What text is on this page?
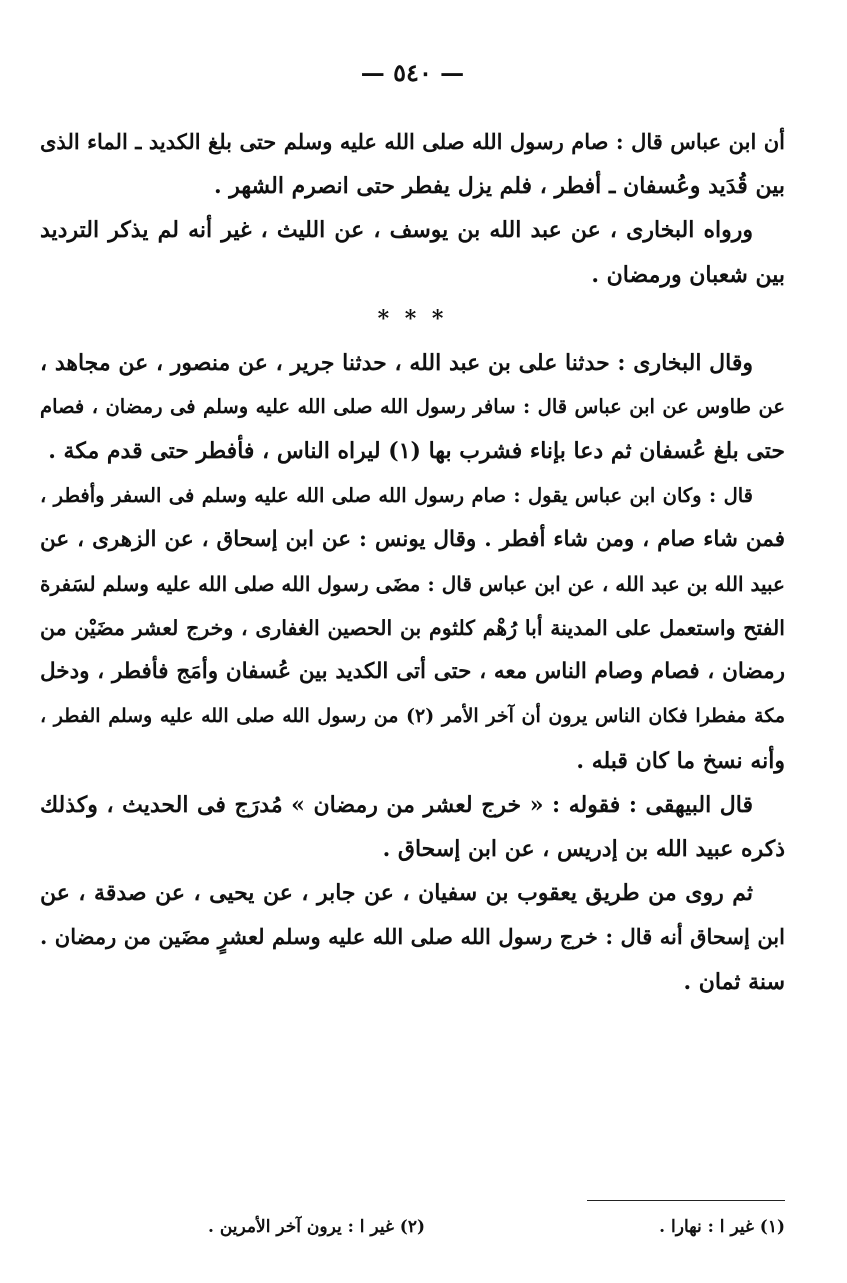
— ٥٤٠ —
أن ابن عباس قال : صام رسول الله صلى الله عليه وسلم حتى بلغ الكديد ـ الماء الذى
بين قُدَيد وعُسفان ـ أفطر ، فلم يزل يفطر حتى انصرم الشهر .
ورواه البخارى ، عن عبد الله بن يوسف ، عن الليث ، غير أنه لم يذكر الترديد
بين شعبان ورمضان .
* * *
وقال البخارى : حدثنا على بن عبد الله ، حدثنا جرير ، عن منصور ، عن مجاهد ،
عن طاوس عن ابن عباس قال : سافر رسول الله صلى الله عليه وسلم فى رمضان ، فصام
حتى بلغ عُسفان ثم دعا بإناء فشرب بها (١) ليراه الناس ، فأفطر حتى قدم مكة .
قال : وكان ابن عباس يقول : صام رسول الله صلى الله عليه وسلم فى السفر وأفطر ،
فمن شاء صام ، ومن شاء أفطر . وقال يونس : عن ابن إسحاق ، عن الزهرى ، عن
عبيد الله بن عبد الله ، عن ابن عباس قال : مضَى رسول الله صلى الله عليه وسلم لسَفرة
الفتح واستعمل على المدينة أبا رُهْم كلثوم بن الحصين الغفارى ، وخرج لعشر مضَيْن من
رمضان ، فصام وصام الناس معه ، حتى أتى الكديد بين عُسفان وأمَج فأفطر ، ودخل
مكة مفطرا فكان الناس يرون أن آخر الأمر (٢) من رسول الله صلى الله عليه وسلم الفطر ،
وأنه نسخ ما كان قبله .
قال البيهقى : فقوله : « خرج لعشر من رمضان » مُدرَج فى الحديث ، وكذلك
ذكره عبيد الله بن إدريس ، عن ابن إسحاق .
ثم روى من طريق يعقوب بن سفيان ، عن جابر ، عن يحيى ، عن صدقة ، عن
ابن إسحاق أنه قال : خرج رسول الله صلى الله عليه وسلم لعشرٍ مضَين من رمضان .
سنة ثمان .
(١) غير ا : نهارا .
(٢) غير ا : يرون آخر الأمرين .
